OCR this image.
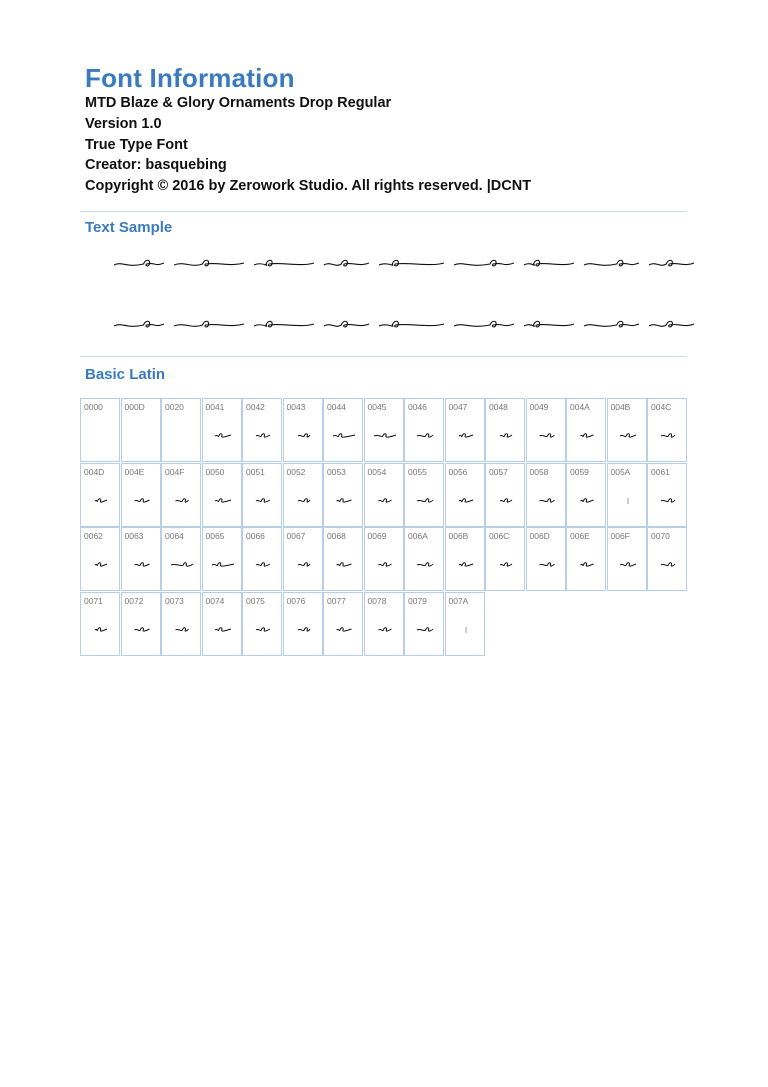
Font Information
MTD Blaze & Glory Ornaments Drop Regular
Version 1.0
True Type Font
Creator: basquebing
Copyright © 2016 by Zerowork Studio. All rights reserved. |DCNT
Text Sample
Basic Latin
0000	000D 0020	0041	0042	0043	0044	0045	0046	0047	0048	0049	004A 004B 004C
004D 004E 004F 0050	0051	0052	0053	0054	0055	0056	0057	0058	0059	005A 0061
0062	0063	0064	0065	0066	0067	0068	0069	006A 006B 006C 006D 006E 006F 0070
0071	0072	0073	0074	0075	0076	0077	0078	0079	007A
